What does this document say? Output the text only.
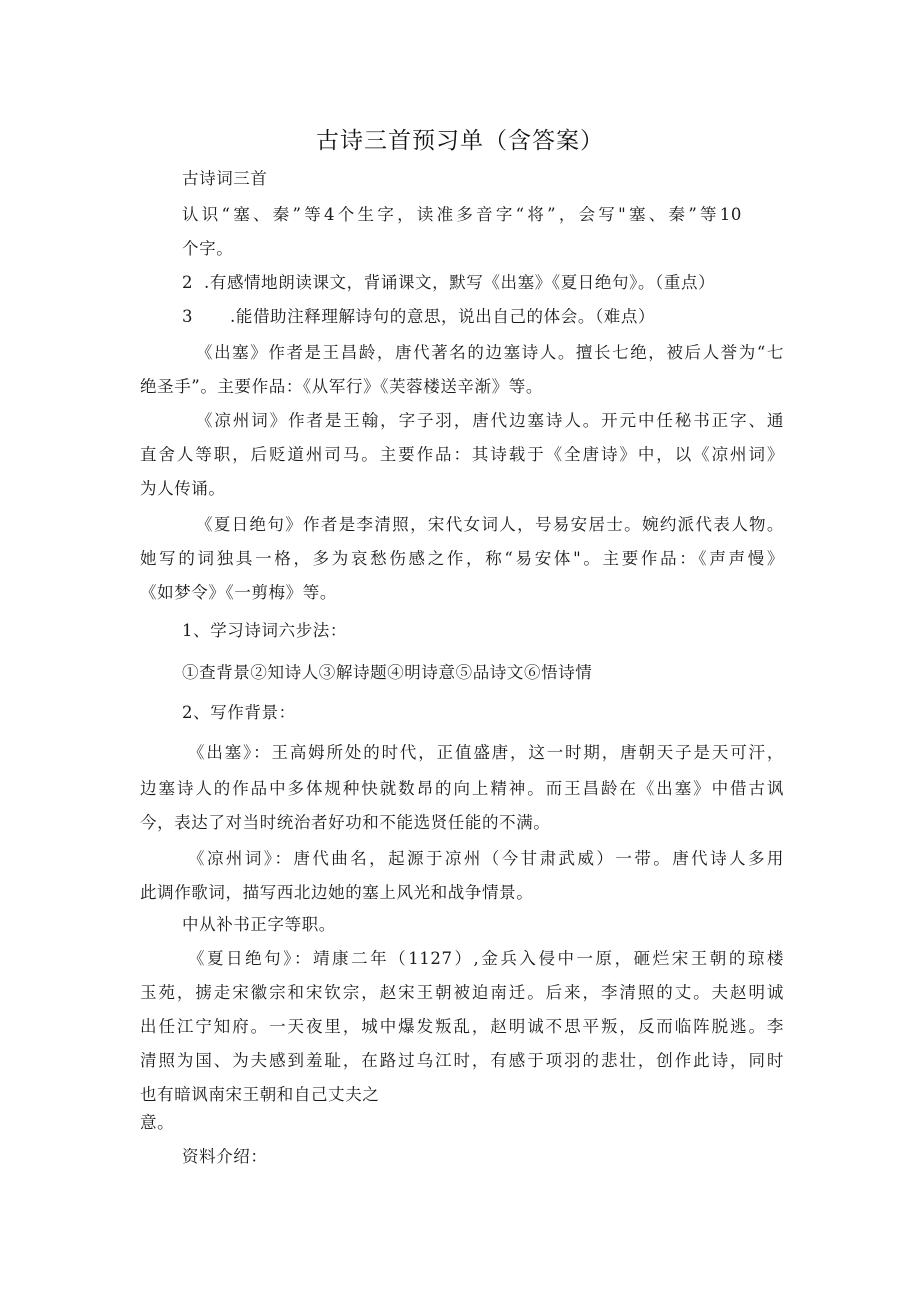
古诗三首预习单（含答案）
古诗词三首
认识“塞、秦”等4个生字，读准多音字“将”，会写"塞、秦”等10
个字。
2 .有感情地朗读课文，背诵课文，默写《出塞》《夏日绝句》。（重点）
3 .能借助注释理解诗句的意思，说出自己的体会。（难点）
《出塞》作者是王昌龄，唐代著名的边塞诗人。擅长七绝，被后人誉为“七
绝圣手”。主要作品：《从军行》《芙蓉楼送辛渐》等。
《凉州词》作者是王翰，字子羽，唐代边塞诗人。开元中任秘书正字、通
直舍人等职，后贬道州司马。主要作品：其诗载于《全唐诗》中，以《凉州词》
为人传诵。
《夏日绝句》作者是李清照，宋代女词人，号易安居士。婉约派代表人物。
她写的词独具一格，多为哀愁伤感之作，称“易安体"。主要作品：《声声慢》
《如梦令》《一剪梅》等。
1、学习诗词六步法：
①查背景②知诗人③解诗题④明诗意⑤品诗文⑥悟诗情
2、写作背景：
《出塞》：王高姆所处的时代，正值盛唐，这一时期，唐朝天子是天可汗，
边塞诗人的作品中多体规种快就数昂的向上精神。而王昌龄在《出塞》中借古讽
今，表达了对当时统治者好功和不能选贤任能的不满。
《凉州词》：唐代曲名，起源于凉州（今甘肃武威）一带。唐代诗人多用
此调作歌词，描写西北边她的塞上风光和战争情景。
中从补书正字等职。
《夏日绝句》：靖康二年（1127）,金兵入侵中一原，砸烂宋王朝的琼楼
玉苑，掳走宋徽宗和宋钦宗，赵宋王朝被迫南迁。后来，李清照的丈。夫赵明诚
出任江宁知府。一天夜里，城中爆发叛乱，赵明诚不思平叛，反而临阵脱逃。李
清照为国、为夫感到羞耻，在路过乌江时，有感于项羽的悲壮，创作此诗，同时
也有暗讽南宋王朝和自己丈夫之
意。
资料介绍：
